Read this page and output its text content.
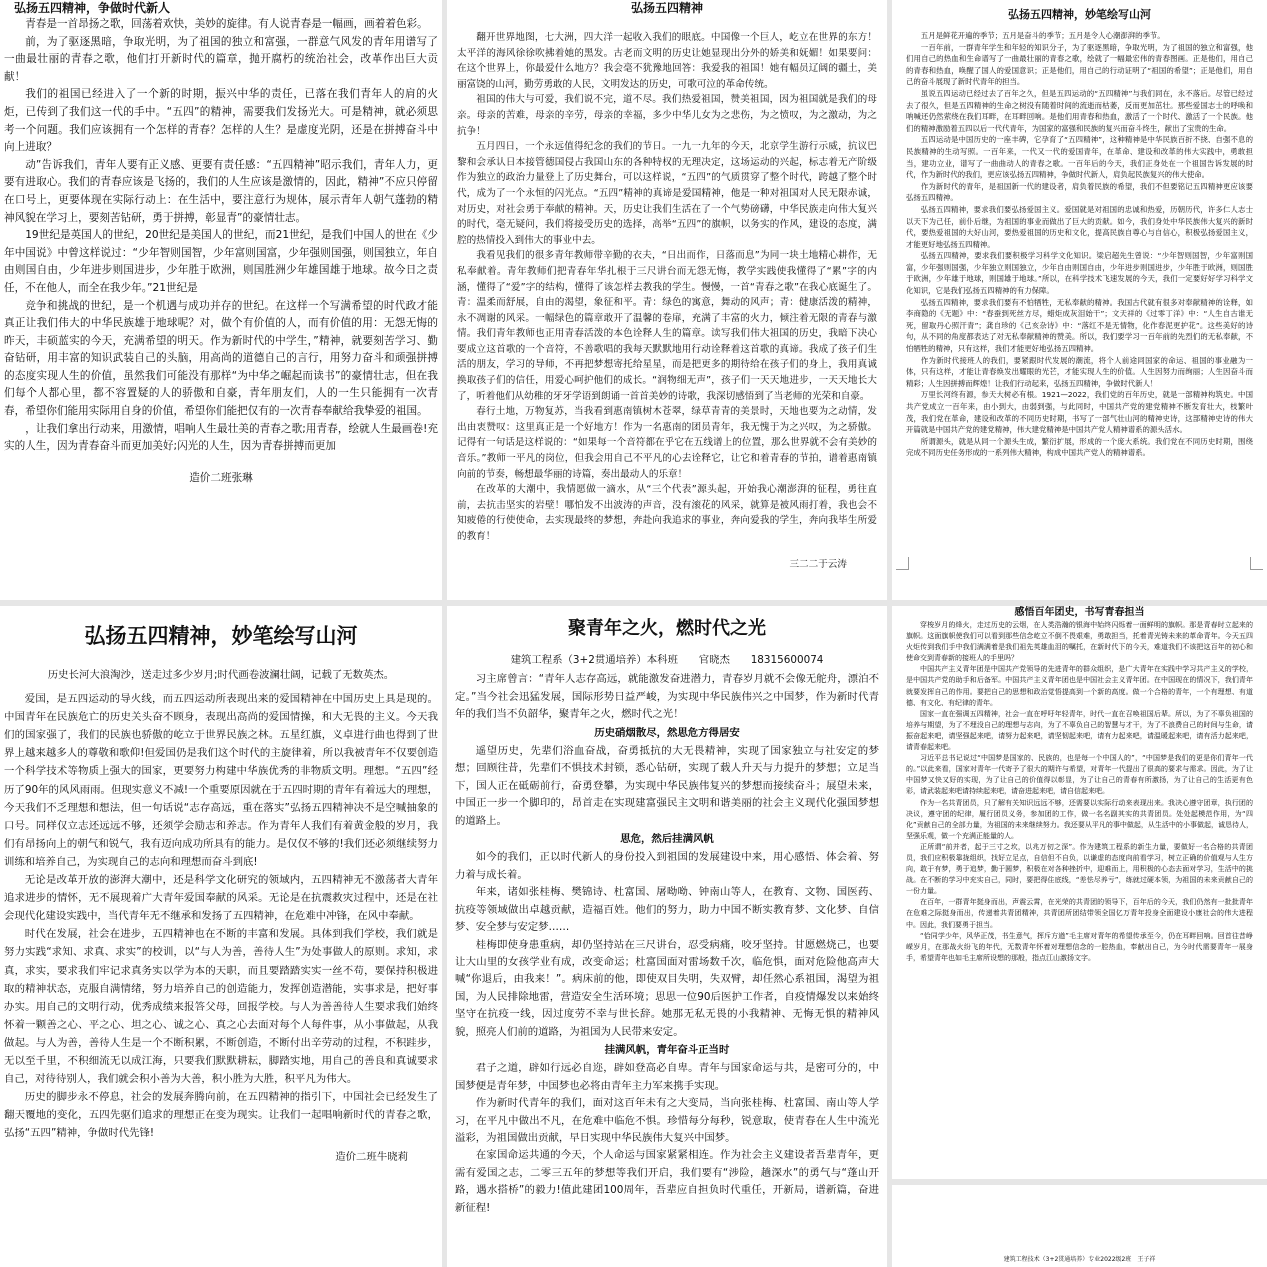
弘扬五四精神，争做时代新人

青春是一首昂扬之歌，回荡着欢快，美妙的旋律。有人说青春是一幅画，画着着色彩。

前，为了驱逐黑暗，争取光明，为了祖国的独立和富强，一群意气风发的青年用谱写了一曲最壮丽的青春之歌，他们打开新时代的篇章，抛开腐朽的统治社会，改革作出巨大贡献！

我们的祖国已经进入了一个新的时期，振兴中华的责任，已落在我们青年人的肩的火炬，已传到了我们这一代的手中。“五四”的精神，需要我们发扬光大。可是精神，就必须思考一个问题。我们应该拥有一个怎样的青春？怎样的人生？是虚度光阴，还是在拼搏奋斗中向上进取？

动”告诉我们，青年人要有正义感、更要有责任感：“五四精神”昭示我们，青年人力，更要有进取心。我们的青春应该是飞扬的，我们的人生应该是激情的，因此，精神”不应只停留在口号上，更要体现在实际行动上：在生活中，要注意行为规体，展示青年人朝气蓬勃的精神风貌在学习上，要刻苦钻研，勇于拼搏，彰显青”的豪情壮志。

19世纪是英国人的世纪，20世纪是美国人的世纪，而21世纪，是我们中国人的世在《少年中国说》中曾这样说过：“少年智则国智，少年富则国富，少年强则国强，则国独立，年自由则国自由，少年进步则国进步，少年胜于欧洲，则国胜洲少年雄国雄于地球。故今日之责任，不在他人，而全在我少年。”21世纪是

竞争和挑战的世纪，是一个机遇与成功并存的世纪。在这样一个写满希望的时代政才能真正让我们伟大的中华民族雄于地球呢？对，做个有价值的人，而有价值的用：无怨无悔的昨天，丰硕蓝实的今天，充满希望的明天。作为新时代的中学生，”精神，就要刻苦学习、勤奋钻研，用丰富的知识武装自己的头脑，用高尚的道德自己的言行，用努力奋斗和顽强拼搏的态度实现人生的价值，虽然我们可能没有那样“为中华之崛起而读书”的豪情壮志，但在我们每个人都心里，都不容置疑的人的骄傲和自豪，青年朋友们，人的一生只能拥有一次青春，希望你们能用实际用自身的价值，希望你们能把仅有的一次青春奉献给我挚爱的祖国。

，让我们拿出行动来，用激情，唱响人生最壮美的青春之歌;用青春，绘就人生最画卷!充实的人生，因为青春奋斗而更加美好;闪光的人生，因为青春拼搏而更加

造价二班张琳
弘扬五四精神

翻开世界地图，七大洲，四大洋一起收入我们的眼底。中国像一个巨人，屹立在世界的东方！太平洋的海风徐徐吹拂着她的黑发。古老而文明的历史让她显现出分外的娇美和妩媚！如果要问：在这个世界上，你最爱什么地方？我会毫不犹豫地回答：我爱我的祖国！她有幅员辽阔的疆土，美丽富饶的山河，勤劳勇敢的人民，文明发达的历史，可歌可泣的革命传统。

祖国的伟大与可爱，我们说不完，道不尽。我们热爱祖国，赞美祖国，因为祖国就是我们的母亲。母亲的苦难，母亲的辛劳，母亲的幸福，多少中华儿女为之悲伤，为之愤叹，为之激动，为之抗争！

五月四日，一个永远值得纪念的我们的节日。一九一九年的今天，北京学生游行示威，抗议巴黎和会承认日本接管德国侵占我国山东的各种特权的无理决定，这场运动的兴起，标志着无产阶级作为独立的政治力量登上了历史舞台，可以这样说，“五四”的气质贯穿了整个时代，跨越了整个时代，成为了一个永恒的闪光点。“五四”精神的真谛是爱国精神，他是一种对祖国对人民无限赤诚，对历史，对社会勇于奉献的精神。天，历史让我们生活在了一个气势磅礴，中华民族走向伟大复兴的时代，毫无疑问，我们将接受历史的选择，高举“五四”的旗帜，以务实的作风，建设的态度，满腔的热情投入到伟大的事业中去。

我看见我们的很多青年教师带辛勤的衣夫，“日出而作，日落而息”为同一块土地精心耕作，无私奉献着。青年教师们把青春年华扎根于三尺讲台而无怨无悔，教学实践使我懂得了“累”字的内涵，懂得了“爱”字的结构，懂得了该怎样去教我的学生。慢慢，一首“青春之歌”在我心底诞生了。青：温柔而舒展，自由的渴望，象征和平。青：绿色的寓意，舞动的风声；青：健康活泼的精神，永不凋谢的风采。一幅绿色的篇章敢开了温馨的卷扉，充满了丰富的火力，倾注着无限的青春与激情。我们青年教师也正用青春活泼的本色诠释人生的篇章。读写我们伟大祖国的历史，我暗下决心要成立这首歌的一个音符，不善歌唱的我每天默默地用行动诠释着这首歌的真谛。我成了孩子们生活的朋友，学习的导师，不再把梦想寄托给星星，而是把更多的期待给在孩子们的身上，我用真诚换取孩子们的信任，用爱心呵护他们的成长。“润物细无声”，孩子们一天天地进步，一天天地长大了，听着他们从幼稚的牙牙学语到朗诵一首首美妙的诗歌，我深切感悟到了当老师的光荣和自豪。

春行土地，万物复苏，当我看到惠南镇树木苍翠，绿草青青的美景时，天地也要为之动情，发出由衷赞叹：这里真正是一个好地方！作为一名惠南的团员青年，我无愧于为之兴叹，为之骄傲。记得有一句话是这样说的：“如果每一个音符都在乎它在五线谱上的位置，那么世界就不会有美妙的音乐。”教师一平凡的岗位，但我会用自己不平凡的心去诠释它，让它和着青春的节拍，谱着惠南镇向前的节奏，畅想最华丽的诗篇，奏出最动人的乐章！

在改革的大潮中，我情愿做一滴水，从“三个代表”源头起，开始我心潮澎湃的征程，勇往直前，去抗击坚实的岩壁！哪怕发不出波涛的声音，没有滚花的风采，就算是被风雨打着，我也会不知疲倦的行使使命，去实现最终的梦想，奔赴向我追求的事业，奔向爱我的学生，奔向我毕生所爱的教育！

三二二于云涛
弘扬五四精神，妙笔绘写山河

五月是鲜花开遍的季节；五月是奋斗的季节；五月是令人心潮澎湃的季节。

一百年前，一群青年学生和年轻的知识分子，为了驱逐黑暗，争取光明，为了祖国的独立和富强，他们用自己的热血和生命谱写了一曲最壮丽的青春之歌，绘就了一幅最宏伟的青春图画。正是他们，用自己的青春和热血，唤醒了国人的爱国意识；正是他们，用自己的行动证明了“祖国的希望”；正是他们，用自己的奋斗展现了新时代青年的担当。

虽说五四运动已经过去了百年之久，但是五四运动的“五四精神”与我们同在，永不落后。尽管已经过去了很久，但是五四精神的生命之树没有随着时间的流逝而枯萎，反而更加茁壮。那些爱国志士的呼唤和呐喊还仍然萦绕在我们耳畔，在耳畔回响。是他们用青春和热血，激活了一个时代、激活了一个民族。他们的精神激励着五四以后一代代青年，为国家的富强和民族的复兴而奋斗终生，献出了宝贵的生命。

五四运动是中国历史的一座丰碑，它孕育了“五四精神”，这种精神是中华民族百折不挠、自强不息的民族精神的生动写照。一百年来，一代又一代的爱国青年，在革命、建设和改革的伟大实践中，勇敢担当，建功立业，谱写了一曲曲动人的青春之歌。一百年后的今天，我们正身处在一个祖国告诉发展的时代，作为新时代的我们，更应该弘扬五四精神，争做时代新人，肩负起民族复兴的伟大使命。

作为新时代的青年，是祖国新一代的建设者，肩负着民族的希望，我们不但要铭记五四精神更应该要弘扬五四精神。

弘扬五四精神，要求我们要弘扬爱国主义。爱国就是对祖国的忠诚和热爱，历朝历代，许多仁人志士以天下为己任，前仆后继，为祖国的事业而做出了巨大的贡献。如今，我们身处中华民族伟大复兴的新时代，要热爱祖国的大好山河，要热爱祖国的历史和文化，提高民族自尊心与自信心，积极弘扬爱国主义，才能更好地弘扬五四精神。

弘扬五四精神，要求我们要积极学习科学文化知识。梁启超先生曾说：“少年智则国智，少年富则国富，少年强则国强，少年独立则国独立，少年自由则国自由，少年进步则国进步，少年胜于欧洲，则国胜于欧洲，少年雄于地球，则国雄于地球。”所以，在科学技术飞速发展的今天，我们一定要好好学习科学文化知识，它是我们弘扬五四精神的有力保障。

弘扬五四精神，要求我们要有不怕牺牲，无私奉献的精神。我国古代就有很多对奉献精神的诠释，如李商隐的《无题》中：“春蚕到死丝方尽，蜡炬成灰泪始干”；文天祥的《过零丁洋》中：“人生自古谁无死，留取丹心照汗青”；龚自珍的《己亥杂诗》中：“落红不是无情物，化作春泥更护花”。这些美好的诗句，从不同的角度都表达了对无私奉献精神的赞美。所以，我们要学习一百年前的先烈们的无私奉献，不怕牺牲的精神，只有这样，我们才能更好地弘扬五四精神。

作为新时代接班人的我们，要紧跟时代发展的潮流，将个人前途同国家的命运、祖国的事业融为一体，只有这样，才能让青春焕发出耀眼的光芒，才能实现人生的价值。人生因努力而绚丽；人生因奋斗而精彩；人生因拼搏而辉煌！让我们行动起来，弘扬五四精神，争做时代新人！

万里长河终有源，参天大树必有根。1921—2022，我们党的百年历史，就是一部精神构筑史。中国共产党成立一百年来，由小到大，由弱到强，与此同时，中国共产党的建党精神不断发育壮大，枝繁叶茂，我们党在革命，建设和改革的不同历史时期，书写了一部气壮山河的精神史诗，这部精神史诗的伟大开篇就是中国共产党的建党精神，伟大建党精神是中国共产党人精神谱系的源头活水。

所谓源头，就是从同一个源头生成，繁衍扩展，形成的一个庞大系统。我们党在不同历史时期，围绕完成不同历史任务形成的一系列伟大精神，构成中国共产党人的精神谱系。

弘扬五四精神，妙笔绘写山河
历史长河大浪淘沙，送走过多少岁月;时代画卷波澜壮阔，记载了无数英杰。

爱国，是五四运动的导火线，而五四运动所表现出来的爱国精神在中国历史上具是现的。中国青年在民族危亡的历史关头奋不顾身，表现出高尚的爱国情操，和大无畏的主义。今天我们的国家强了，我们的民族也骄傲的屹立于世界民族之林。五星红旗，义卓进行曲也得到了世界上越来越多人的尊敬和歌仰!但爱国仍是我们这个时代的主旋律着，所以我被青年不仅要创造一个科学技术等物质上强大的国家，更要努力构建中华族优秀的非物质文明。理想。“五四”经历了90年的风风雨雨。但现实意义不减!一个重要原因就在于五四时期的青年有着远大的理想，今天我们不乏理想和想法，但一句话说“志存高远，重在落实”弘扬五四精神决不是空喊抽象的口号。同样仅立志还远远不够，还须学会励志和养志。作为青年人我们有着黄金般的岁月，我们有昂扬向上的朝气和锐气，我有迈向成功所具有的能力。是仅仅不够的!我们还必须继续努力训练和培养自己，为实现自己的志向和理想而奋斗到底!

无论是改革开放的澎湃大潮中，还是科学文化研究的领域内，五四精神无不激荡者大青年追求进步的情怀，无不展现着广大青年爱国奉献的风采。无论是在抗震救灾过程中，还是在社会现代化建设实践中，当代青年无不继承和发扬了五四精神，在危难中冲锋，在风中奉献。

时代在发展，社会在进步，五四精神也在不断的丰富和发展。具体到我们学校，我们就是努力实践“求知、求真、求实”的校训，以“与人为善，善待人生”为处事做人的原则。求知，求真，求实，要求我们牢记求真务实以学为本的天职，而且要踏踏实实一丝不苟，要保持积极进取的精神状态，克服自满情绪，努力培养自己的创造能力，发挥创造潜能，实事求是，把好事办实。用自己的文明行动，优秀成绩来报答父母，回报学校。与人为善善待人生要求我们始终怀着一颗善之心、平之心、坦之心、诚之心、真之心去面对每个人每件事，从小事做起，从我做起。与人为善，善待人生是一个不断积累，不断创造，不断付出辛劳动的过程，不积跬步，无以至千里，不积细流无以成江海，只要我们默默耕耘，脚踏实地，用自己的善良和真诚要求自己，对待待别人，我们就会积小善为大善，积小胜为大胜，积平凡为伟大。

历史的脚步永不停息，社会的发展奔腾向前，在五四精神的指引下，中国社会已经发生了翻天覆地的变化，五四先驱们追求的理想正在变为现实。让我们一起唱响新时代的青春之歌，弘扬“五四”精神，争做时代先锋!

造价二班牛晓莉
聚青年之火，燃时代之光
建筑工程系（3+2贯通培养）本科班　　官晓杰　　18315600074

习主席曾言：“青年人志存高远，就能激发奋进潜力，青春岁月就不会像无舵舟，漂泊不定。”当今社会迅猛发展，国际形势日益严峻，为实现中华民族伟兴之中国梦，作为新时代青年的我们当不负韶华，聚青年之火，燃时代之光！

历史硝烟散尽，然思危方得居安

遥望历史，先辈们浴血奋战，奋勇抵抗的大无畏精神，实现了国家独立与社安定的梦想；回顾往昔，先辈们不惧技术封锁，悉心钻研，实现了载人升天与力提升的梦想；立足当下，国人正在砥砺前行，奋勇登攀，为实现中华民族伟复兴的梦想而接续奋斗；展望未来，中国正一步一个脚印的，昂首走在实现建富强民主文明和谐美丽的社会主义现代化强国梦想的道路上。

思危，然后挂满风帆

如今的我们，正以时代新人的身份投入到祖国的发展建设中来，用心感悟、体会着、努力着与成长着。

年来，诸如张桂梅、樊锦诗、杜富国、屠呦呦、钟南山等人，在教育、文物、国医药、抗疫等领域做出卓越贡献，造福百姓。他们的努力，助力中国不断实教育梦、文化梦、自信梦、安全梦与安定梦……

桂梅即使身患重病，却仍坚持站在三尺讲台，忍受病痛，咬牙坚持。甘愿燃烧己，也要让大山里的女孩学业有成，改变命运；杜富国面对雷场数千次，临危惧，面对危险他高声大喊“你退后，由我来！”。病床前的他，即使双目失明，失双臂，却任然心系祖国，渴望为祖国，为人民排除地雷，营造安全生活环境；思思一位90后医护工作者，自疫情爆发以来始终坚守在抗疫一线，因过度劳不幸与世长辞。她那无私无畏的小我精神、无悔无惧的精神风貌，照亮人们前的道路，为祖国为人民带来安定。

挂满风帆，青年奋斗正当时

君子之道，辟如行远必自迩，辟如登高必自卑。青年与国家命运与共，是密可分的，中国梦便是青年梦，中国梦也必将由青年主力军来携手实现。

作为新时代青年的我们，面对这百年未有之大变局，当向张桂梅、杜富国、南山等人学习，在平凡中做出不凡，在危难中临危不惧。珍惜每分每秒，锐意取，使青春在人生中流光溢彩，为祖国做出贡献，早日实现中华民族伟大复兴中国梦。

在家国命运共通的今天，个人命运与国家紧紧相连。作为社会主义建设者吾辈青年，更需有爱国之志，二零三五年的梦想等我们开启，我们要有“涉险，趟深水”的勇气与“蓬山开路，遇水搭桥”的毅力!值此建团100周年，吾辈应自担负时代重任，开新局，谱新篇，奋进新征程!

感悟百年团史，书写青春担当

穿梭岁月的烽火，走过历史的云烟，在人类浩瀚的银海中始终闪烁着一面鲜明的旗帜。那是青春时立起来的旗帜。这面旗帜使我们可以看到那些信念屹立不倒不畏艰难，勇敢担当，托着青光铸未来的革命青年。今天五四火炬传到我们手中我们满满着是我们祖先英雄血泪的嘱托，在新时代下的今天，难道我们不该把这百年的初心和使命交到青春新的接班人的手里吗？

中国共产主义青年团是中国共产党领导的先进青年的群众组织，是广大青年在实践中学习共产主义的学校，是中国共产党的助手和后备军。中国共产主义青年团也是中国社会主义青年团。在中国现在的情况下，我们青年就要发挥自己的作用。要把自己的思想和政治觉悟提高到一个新的高度。做一个合格的青年，一个有理想、有道德、有文化、有纪律的青年。

国家一直在强调五四精神，社会一直在呼吁年轻青年，时代一直在召唤祖国后辈。所以，为了不辜负祖国的培养与期望，为了不埋没自己的理想与志向，为了不辜负自己的智慧与才干，为了不浪费自己的时间与生命，请振奋起来吧，请坚强起来吧，请努力起来吧，请坚韧起来吧，请有力起来吧，请温暖起来吧，请有活力起来吧，请青春起来吧。

习近平总书记说过“中国梦是国家的、民族的，也是每一个中国人的”，“中国梦是我们的更是你们青年一代的。”以此来看，国家对青年一代寄予了很大的期许与希望，对青年一代提出了很高的要求与需求。因此，为了让中国梦又快又好的实现，为了让自己的价值得以彰显，为了让自己的青春有所激扬，为了让自己的生活更有色彩，请武装起来吧请持续起来吧，请奋进起来吧，请自信起来吧。

作为一名共青团员，只了解有关知识远远不够，还需要以实际行动来表现出来。我决心遵守团章，执行团的决议，遵守团的纪律，履行团员义务，参加团的工作，做一名名副其实的共青团员。处处起模范作用，为“四化”贡献自己的全部力量，为祖国的未来继续努力。我还要从平凡的事中做起，从生活中的小事做起，诚恳待人，坚强乐观，做一个充满正能量的人。

正所谓“前并者，起于三寸之坎，以兆万仞之深”。作为建筑工程系的新生力量，要做好一名合格的共青团员，我们应积极靠拢组织，找好立足点，自信但不自负，以谦虚的态度向前看学习，树立正确的价值观与人生方向，敢于有梦，勇于追梦，勤于圆梦，积极在对各种挫折中，迎难而上，用积极的心态去面对学习，生活中的挑战。在不断的学习中充实自己，同时，要把得住底线，“差怯尽养亏”，练就过硬本领，为祖国的未来贡献自己的一份力量。

在百年，一群青年挺身而出，声震云霄，在光荣的共青团的领导下，百年后的今天，我们仍然有一批批青年在危难之际挺身而出，传递着共青团精神，共青团所团结带领全国亿万青年投身全面建设小康社会的伟大进程中。因此，我们要勇于担当。

“恰同学少年，风华正茂，书生意气，挥斥方遒”毛主席对青年的希望传承至今，仍在耳畔回响。回首往昔峥嵘岁月，在那战火纷飞的年代，无数青年怀着对理想信念的一腔热血，奉献出自己，为今时代需要青年一展身手，希望青年也如毛主席所设想的那般，指点江山激扬文字。

建筑工程技术（3+2贯通培养）专业2022级2班　王子祥
